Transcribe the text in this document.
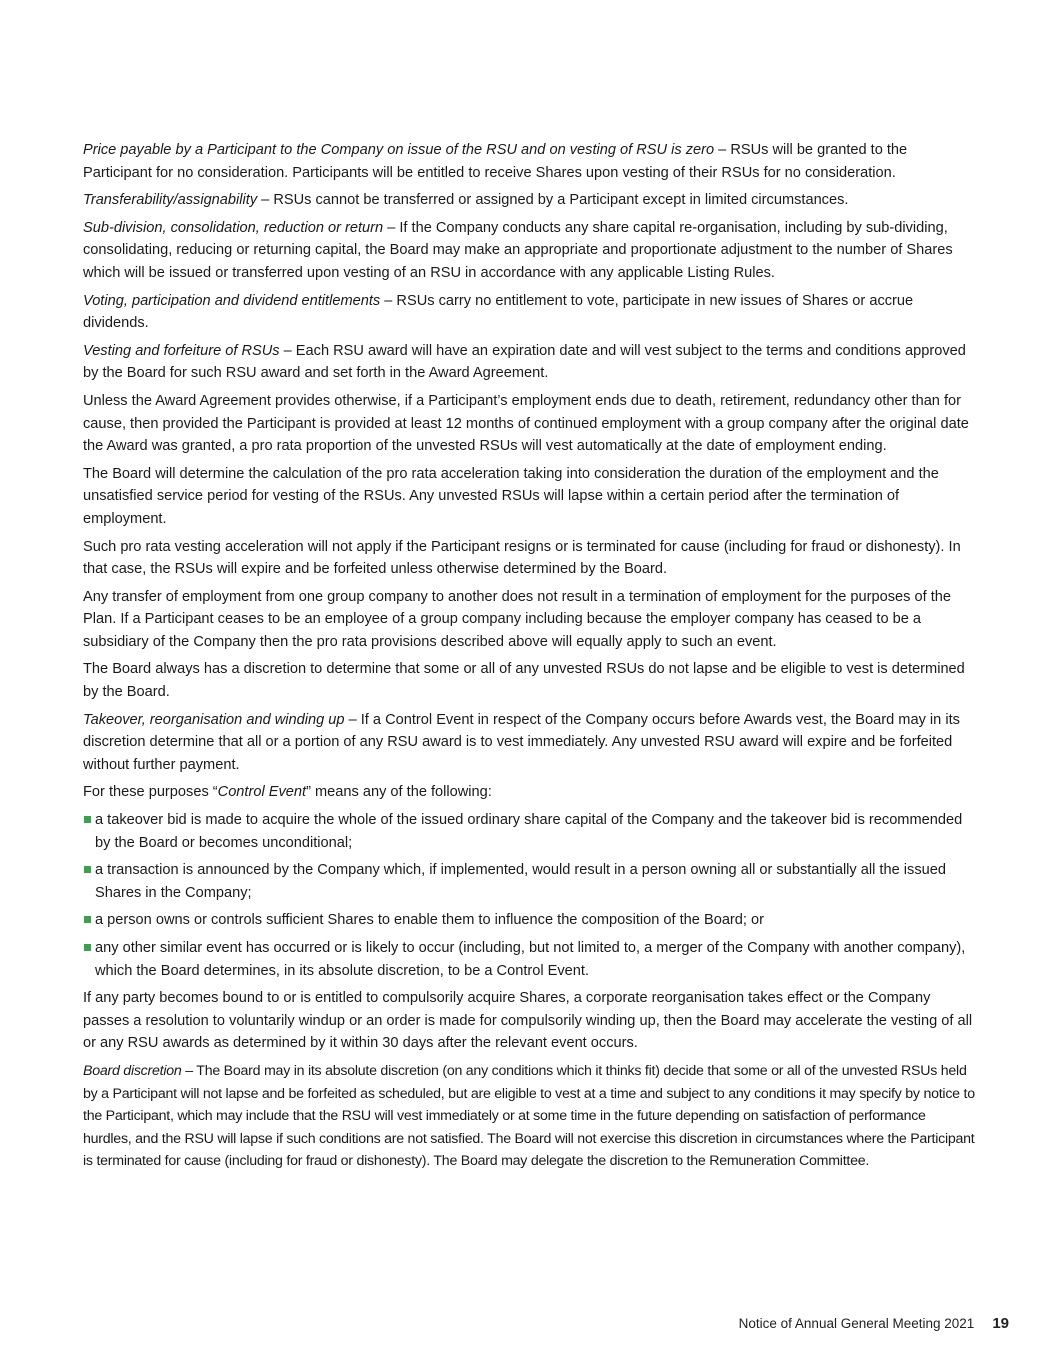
Price payable by a Participant to the Company on issue of the RSU and on vesting of RSU is zero – RSUs will be granted to the Participant for no consideration. Participants will be entitled to receive Shares upon vesting of their RSUs for no consideration.

Transferability/assignability – RSUs cannot be transferred or assigned by a Participant except in limited circumstances.

Sub-division, consolidation, reduction or return – If the Company conducts any share capital re-organisation, including by sub-dividing, consolidating, reducing or returning capital, the Board may make an appropriate and proportionate adjustment to the number of Shares which will be issued or transferred upon vesting of an RSU in accordance with any applicable Listing Rules.

Voting, participation and dividend entitlements – RSUs carry no entitlement to vote, participate in new issues of Shares or accrue dividends.

Vesting and forfeiture of RSUs – Each RSU award will have an expiration date and will vest subject to the terms and conditions approved by the Board for such RSU award and set forth in the Award Agreement.

Unless the Award Agreement provides otherwise, if a Participant’s employment ends due to death, retirement, redundancy other than for cause, then provided the Participant is provided at least 12 months of continued employment with a group company after the original date the Award was granted, a pro rata proportion of the unvested RSUs will vest automatically at the date of employment ending.

The Board will determine the calculation of the pro rata acceleration taking into consideration the duration of the employment and the unsatisfied service period for vesting of the RSUs. Any unvested RSUs will lapse within a certain period after the termination of employment.

Such pro rata vesting acceleration will not apply if the Participant resigns or is terminated for cause (including for fraud or dishonesty). In that case, the RSUs will expire and be forfeited unless otherwise determined by the Board.

Any transfer of employment from one group company to another does not result in a termination of employment for the purposes of the Plan. If a Participant ceases to be an employee of a group company including because the employer company has ceased to be a subsidiary of the Company then the pro rata provisions described above will equally apply to such an event.

The Board always has a discretion to determine that some or all of any unvested RSUs do not lapse and be eligible to vest is determined by the Board.

Takeover, reorganisation and winding up – If a Control Event in respect of the Company occurs before Awards vest, the Board may in its discretion determine that all or a portion of any RSU award is to vest immediately. Any unvested RSU award will expire and be forfeited without further payment.

For these purposes “Control Event” means any of the following:

a takeover bid is made to acquire the whole of the issued ordinary share capital of the Company and the takeover bid is recommended by the Board or becomes unconditional;
a transaction is announced by the Company which, if implemented, would result in a person owning all or substantially all the issued Shares in the Company;
a person owns or controls sufficient Shares to enable them to influence the composition of the Board; or
any other similar event has occurred or is likely to occur (including, but not limited to, a merger of the Company with another company), which the Board determines, in its absolute discretion, to be a Control Event.

If any party becomes bound to or is entitled to compulsorily acquire Shares, a corporate reorganisation takes effect or the Company passes a resolution to voluntarily windup or an order is made for compulsorily winding up, then the Board may accelerate the vesting of all or any RSU awards as determined by it within 30 days after the relevant event occurs.

Board discretion – The Board may in its absolute discretion (on any conditions which it thinks fit) decide that some or all of the unvested RSUs held by a Participant will not lapse and be forfeited as scheduled, but are eligible to vest at a time and subject to any conditions it may specify by notice to the Participant, which may include that the RSU will vest immediately or at some time in the future depending on satisfaction of performance hurdles, and the RSU will lapse if such conditions are not satisfied. The Board will not exercise this discretion in circumstances where the Participant is terminated for cause (including for fraud or dishonesty). The Board may delegate the discretion to the Remuneration Committee.

Notice of Annual General Meeting 2021 19
